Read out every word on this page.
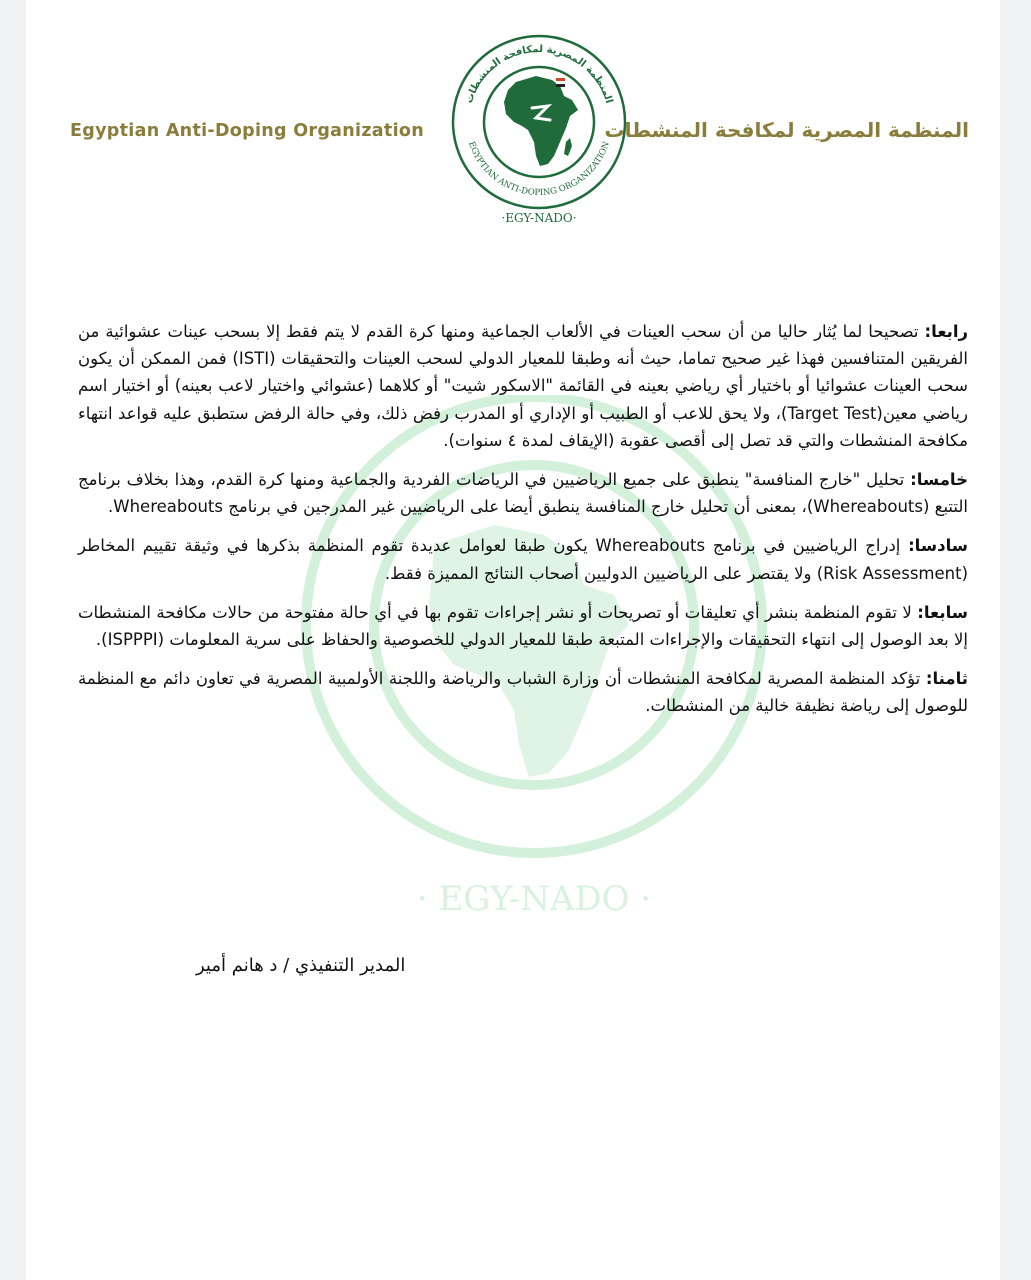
Egyptian Anti-Doping Organization
المنظمة المصرية لمكافحة المنشطات
EGYPTIAN ANTI-DOPING ORGANIZATION
·EGY-NADO·
المنظمة المصرية لمكافحة المنشطات
· EGY-NADO ·

رابعا: تصحيحا لما يُثار حاليا من أن سحب العينات في الألعاب الجماعية ومنها كرة القدم لا يتم فقط إلا بسحب عينات عشوائية من الفريقين المتنافسين فهذا غير صحيح تماما، حيث أنه وطبقا للمعيار الدولي لسحب العينات والتحقيقات (ISTI) فمن الممكن أن يكون سحب العينات عشوائيا أو باختيار أي رياضي بعينه في القائمة "الاسكور شيت" أو كلاهما (عشوائي واختيار لاعب بعينه) أو اختيار اسم رياضي معين(Target Test)، ولا يحق للاعب أو الطبيب أو الإداري أو المدرب رفض ذلك، وفي حالة الرفض ستطبق عليه قواعد انتهاء مكافحة المنشطات والتي قد تصل إلى أقصى عقوبة (الإيقاف لمدة ٤ سنوات).

خامسا: تحليل "خارج المنافسة" ينطبق على جميع الرياضيين في الرياضات الفردية والجماعية ومنها كرة القدم، وهذا بخلاف برنامج التتبع (Whereabouts)، بمعنى أن تحليل خارج المنافسة ينطبق أيضا على الرياضيين غير المدرجين في برنامج Whereabouts.

سادسا: إدراج الرياضيين في برنامج Whereabouts يكون طبقا لعوامل عديدة تقوم المنظمة بذكرها في وثيقة تقييم المخاطر (Risk Assessment) ولا يقتصر على الرياضيين الدوليين أصحاب النتائج المميزة فقط.

سابعا: لا تقوم المنظمة بنشر أي تعليقات أو تصريحات أو نشر إجراءات تقوم بها في أي حالة مفتوحة من حالات مكافحة المنشطات إلا بعد الوصول إلى انتهاء التحقيقات والإجراءات المتبعة طبقا للمعيار الدولي للخصوصية والحفاظ على سرية المعلومات (ISPPPI).

ثامنا: تؤكد المنظمة المصرية لمكافحة المنشطات أن وزارة الشباب والرياضة واللجنة الأولمبية المصرية في تعاون دائم مع المنظمة للوصول إلى رياضة نظيفة خالية من المنشطات.

المدير التنفيذي / د هانم أمير
